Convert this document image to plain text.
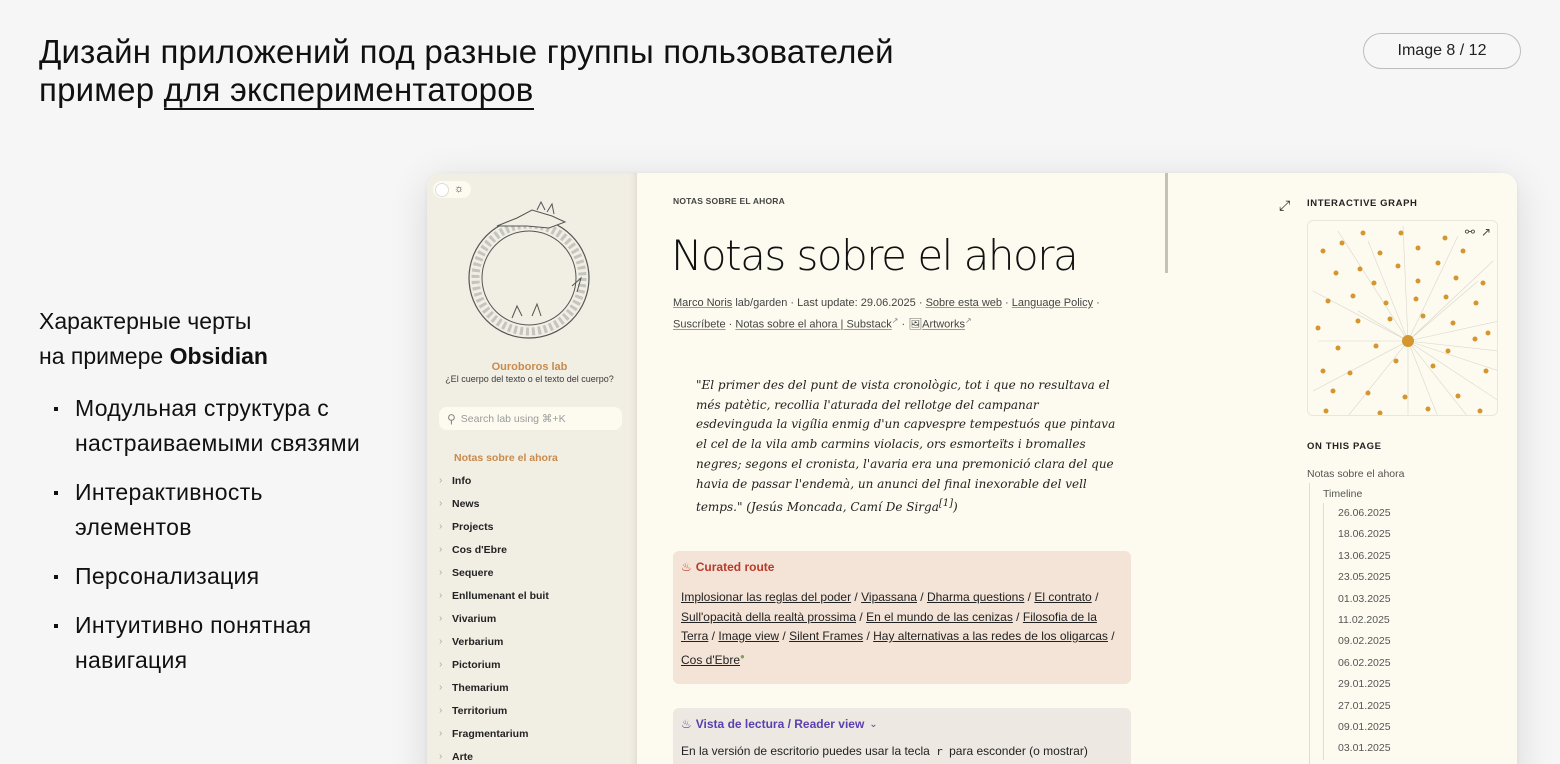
Дизайн приложений под разные группы пользователей
пример для экспериментаторов
Image 8 / 12
Характерные черты
на примере Obsidian
Модульная структура с настраиваемыми связями
Интерактивность элементов
Персонализация
Интуитивно понятная навигация
☼
Ouroboros lab
¿El cuerpo del texto o el texto del cuerpo?
⚲ Search lab using ⌘+K
Notas sobre el ahora
› Info
› News
› Projects
› Cos d'Ebre
› Sequere
› Enllumenant el buit
› Vivarium
› Verbarium
› Pictorium
› Themarium
› Territorium
› Fragmentarium
› Arte
NOTAS SOBRE EL AHORA
Notas sobre el ahora
Marco Noris lab/garden · Last update: 29.06.2025 · Sobre esta web · Language Policy ·
Suscríbete · Notas sobre el ahora | Substack↗ · 🖼Artworks↗
"El primer des del punt de vista cronològic, tot i que no resultava el més patètic, recollia l'aturada del rellotge del campanar esdevinguda la vigília enmig d'un capvespre tempestuós que pintava el cel de la vila amb carmins violacis, ors esmorteïts i bromalles negres; segons el cronista, l'avaria era una premonició clara del que havia de passar l'endemà, un anunci del final inexorable del vell temps." (Jesús Moncada, Camí De Sirga[1])
♨ Curated route
Implosionar las reglas del poder / Vipassana / Dharma questions / El contrato / Sull'opacità della realtà prossima / En el mundo de las cenizas / Filosofia de la Terra / Image view / Silent Frames / Hay alternativas a las redes de los oligarcas / Cos d'Ebre●
♨ Vista de lectura / Reader view ⌄
En la versión de escritorio puedes usar la tecla r para esconder (o mostrar)
⤢ INTERACTIVE GRAPH
⚯ ↗
ON THIS PAGE
Notas sobre el ahora
Timeline
26.06.2025
18.06.2025
13.06.2025
23.05.2025
01.03.2025
11.02.2025
09.02.2025
06.02.2025
29.01.2025
27.01.2025
09.01.2025
03.01.2025
